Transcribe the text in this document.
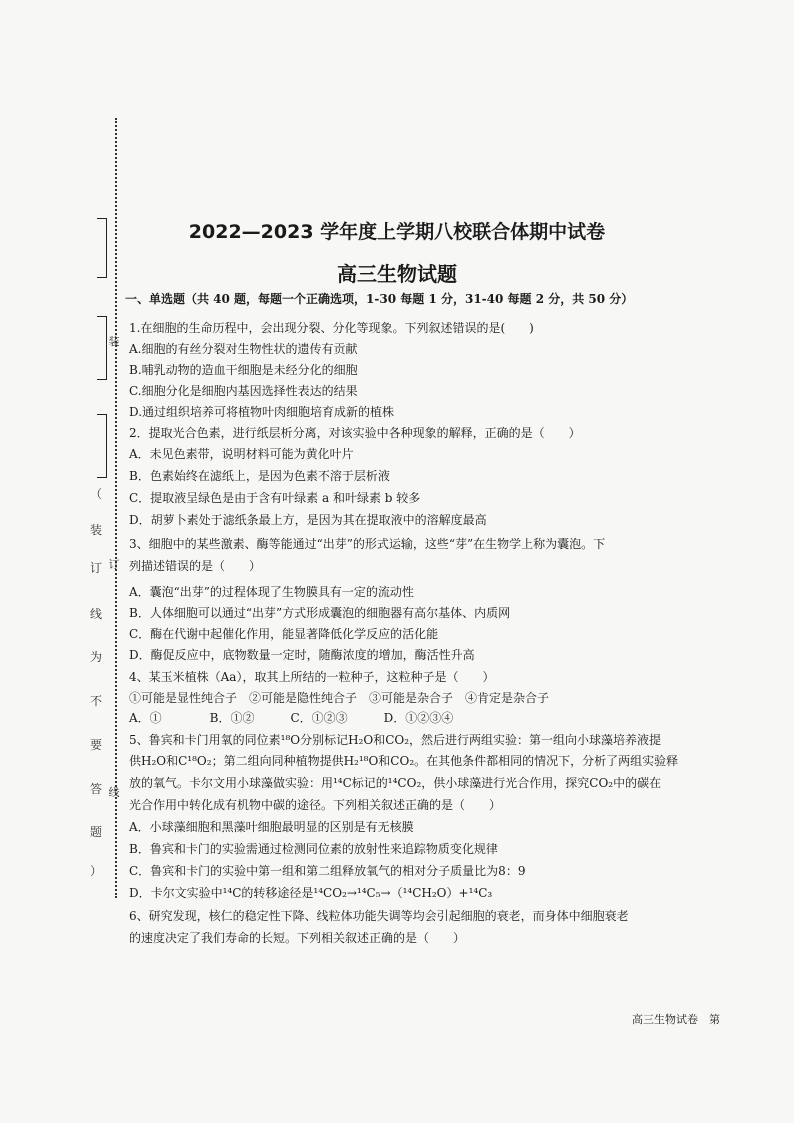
（
装
装
订 订
线
为
不
要
答 线
题
）
2022—2023 学年度上学期八校联合体期中试卷
高三生物试题
一、单选题（共 40 题，每题一个正确选项，1-30 每题 1 分，31-40 每题 2 分，共 50 分）
1.在细胞的生命历程中，会出现分裂、分化等现象。下列叙述错误的是(　　)
A.细胞的有丝分裂对生物性状的遗传有贡献
B.哺乳动物的造血干细胞是未经分化的细胞
C.细胞分化是细胞内基因选择性表达的结果
D.通过组织培养可将植物叶肉细胞培育成新的植株
2．提取光合色素，进行纸层析分离，对该实验中各种现象的解释，正确的是（　　）
A．未见色素带，说明材料可能为黄化叶片
B．色素始终在滤纸上，是因为色素不溶于层析液
C．提取液呈绿色是由于含有叶绿素 a 和叶绿素 b 较多
D．胡萝卜素处于滤纸条最上方，是因为其在提取液中的溶解度最高
3、细胞中的某些激素、酶等能通过“出芽”的形式运输，这些“芽”在生物学上称为囊泡。下
列描述错误的是（　　）
A．囊泡“出芽”的过程体现了生物膜具有一定的流动性
B．人体细胞可以通过“出芽”方式形成囊泡的细胞器有高尔基体、内质网
C．酶在代谢中起催化作用，能显著降低化学反应的活化能
D．酶促反应中，底物数量一定时，随酶浓度的增加，酶活性升高
4、某玉米植株（Aa），取其上所结的一粒种子，这粒种子是（　　）
①可能是显性纯合子　②可能是隐性纯合子　③可能是杂合子　④肯定是杂合子
A．①　　　　B．①②　　　C．①②③　　　D．①②③④
5、鲁宾和卡门用氧的同位素¹⁸O分别标记H₂O和CO₂，然后进行两组实验：第一组向小球藻培养液提
供H₂O和C¹⁸O₂；第二组向同种植物提供H₂¹⁸O和CO₂。在其他条件都相同的情况下，分析了两组实验释
放的氧气。卡尔文用小球藻做实验：用¹⁴C标记的¹⁴CO₂，供小球藻进行光合作用，探究CO₂中的碳在
光合作用中转化成有机物中碳的途径。下列相关叙述正确的是（　　）
A．小球藻细胞和黑藻叶细胞最明显的区别是有无核膜
B．鲁宾和卡门的实验需通过检测同位素的放射性来追踪物质变化规律
C．鲁宾和卡门的实验中第一组和第二组释放氧气的相对分子质量比为8：9
D．卡尔文实验中¹⁴C的转移途径是¹⁴CO₂→¹⁴C₅→（¹⁴CH₂O）+¹⁴C₃
6、研究发现，核仁的稳定性下降、线粒体功能失调等均会引起细胞的衰老，而身体中细胞衰老
的速度决定了我们寿命的长短。下列相关叙述正确的是（　　）
高三生物试卷　第
